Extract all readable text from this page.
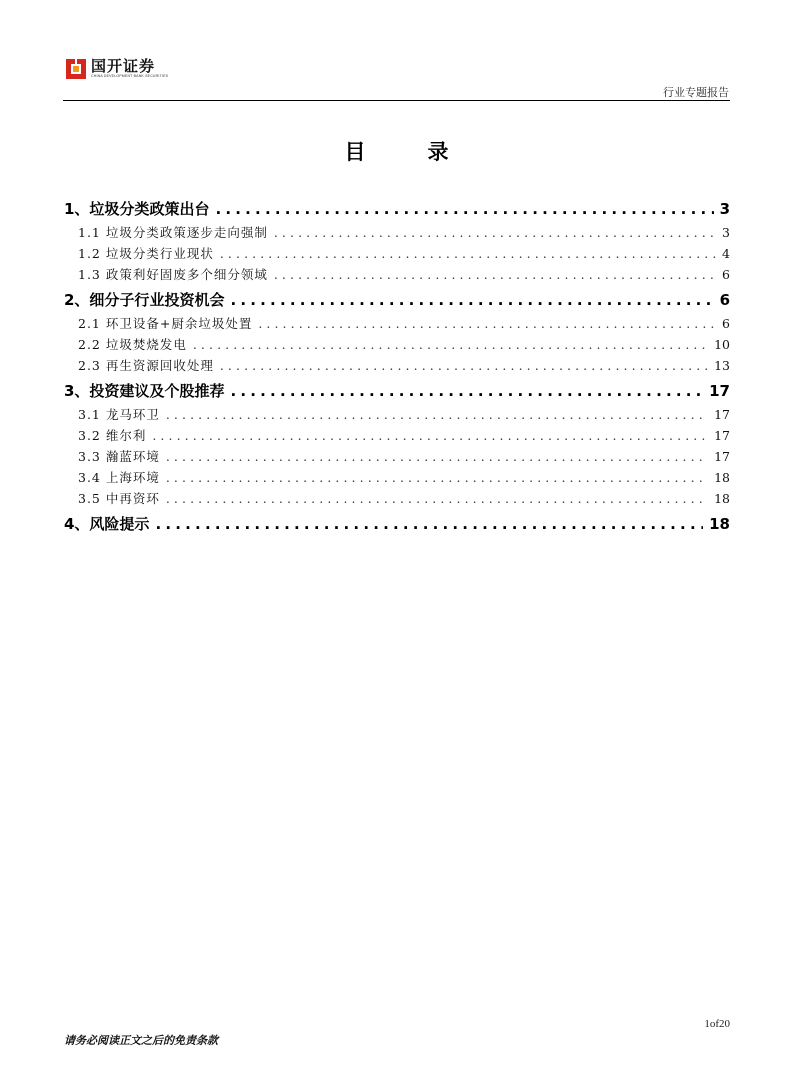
国开证券
CHINA DEVELOPMENT BANK SECURITIES
行业专题报告
目录
1、垃圾分类政策出台 .....	3
1.1 垃圾分类政策逐步走向强制 .....	3
1.2 垃圾分类行业现状 .....	4
1.3 政策利好固废多个细分领域 .....	6
2、细分子行业投资机会 .....	6
2.1 环卫设备+厨余垃圾处置 .....	6
2.2 垃圾焚烧发电 .....	10
2.3 再生资源回收处理 .....	13
3、投资建议及个股推荐 .....	17
3.1 龙马环卫 .....	17
3.2 维尔利 .....	17
3.3 瀚蓝环境 .....	17
3.4 上海环境 .....	18
3.5 中再资环 .....	18
4、风险提示 .....	18
1of20
请务必阅读正文之后的免责条款
